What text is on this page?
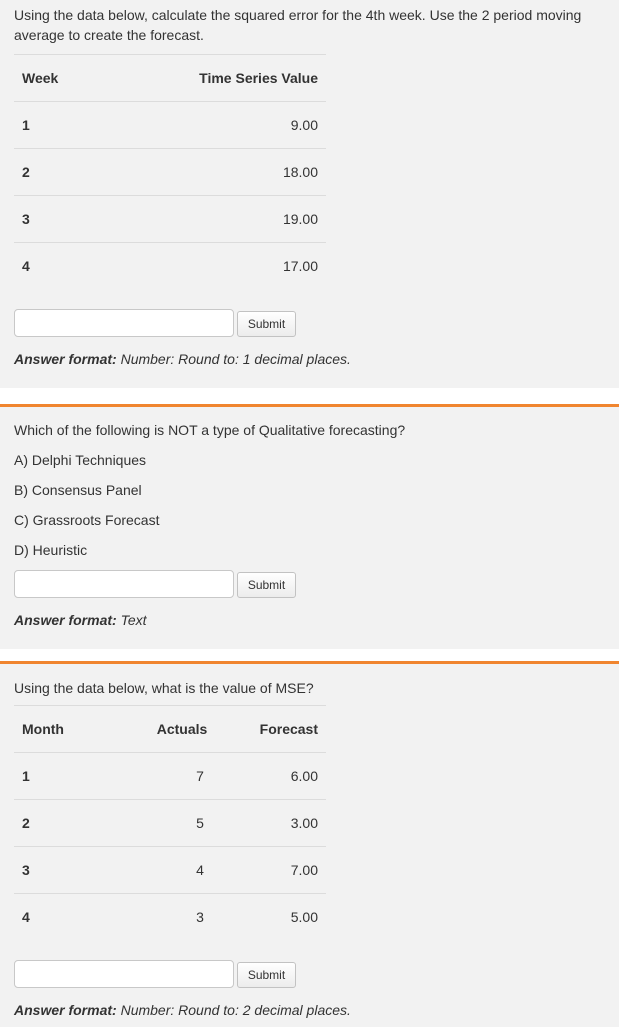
Using the data below, calculate the squared error for the 4th week. Use the 2 period moving average to create the forecast.
Week	Time Series Value
1	9.00
2	18.00
3	19.00
4	17.00
Submit
Answer format: Number: Round to: 1 decimal places.
Which of the following is NOT a type of Qualitative forecasting?
A) Delphi Techniques
B) Consensus Panel
C) Grassroots Forecast
D) Heuristic
Submit
Answer format: Text
Using the data below, what is the value of MSE?
Month	Actuals	Forecast
1	7	6.00
2	5	3.00
3	4	7.00
4	3	5.00
Submit
Answer format: Number: Round to: 2 decimal places.
